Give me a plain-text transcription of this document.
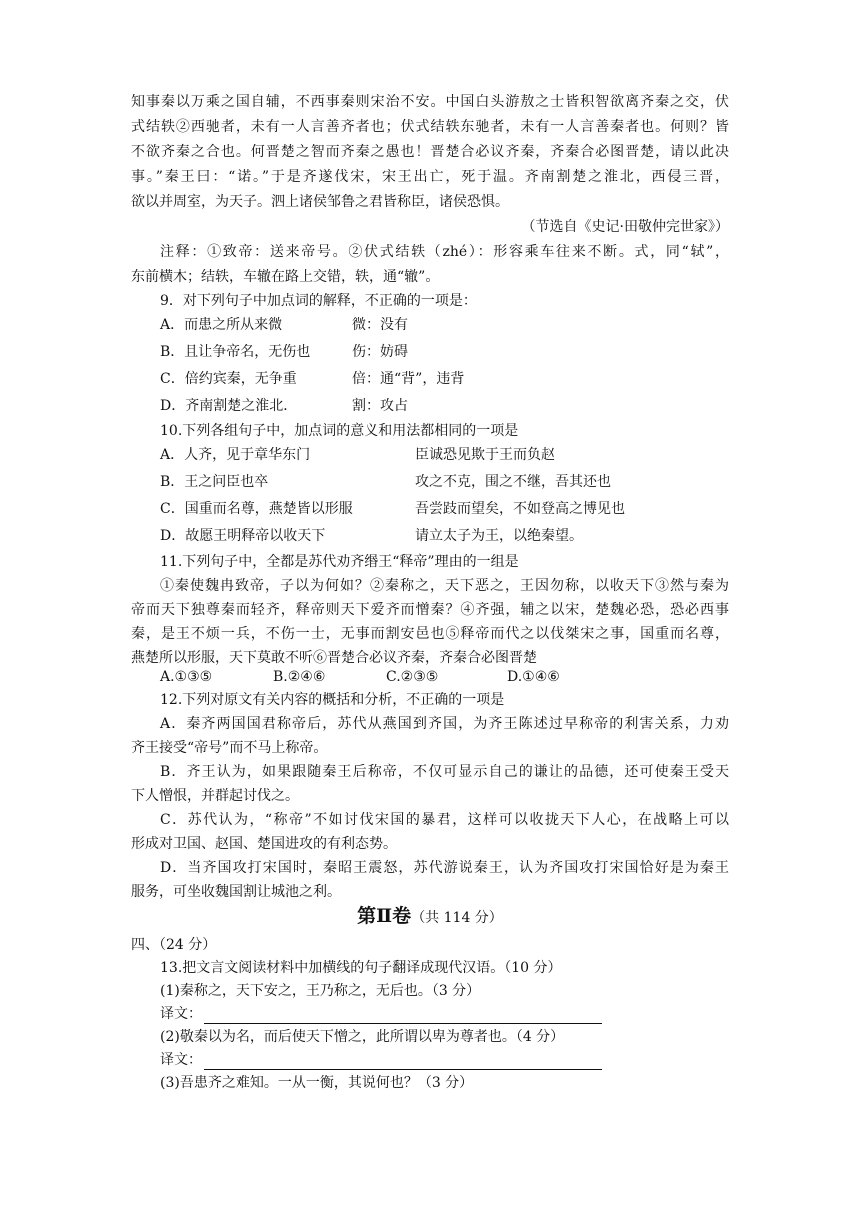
知事秦以万乘之国自辅，不西事秦则宋治不安。中国白头游敖之士皆积智欲离齐秦之交，伏
式结轶②西驰者，未有一人言善齐者也；伏式结轶东驰者，未有一人言善秦者也。何则？皆
不欲齐秦之合也。何晋楚之智而齐秦之愚也！晋楚合必议齐秦，齐秦合必图晋楚，请以此决
事。”秦王曰：“诺。”于是齐遂伐宋，宋王出亡，死于温。齐南割楚之淮北，西侵三晋，
欲以并周室，为天子。泗上诸侯邹鲁之君皆称臣，诸侯恐惧。
（节选自《史记·田敬仲完世家》）
注释：①致帝：送来帝号。②伏式结轶（zhé）：形容乘车往来不断。式，同“轼”，
东前横木；结轶，车辙在路上交错，轶，通“辙”。
9．对下列句子中加点词的解释，不正确的一项是：
A．而患之所从来微	微：没有
B．且让争帝名，无伤也	伤：妨碍
C．倍约宾秦，无争重	倍：通“背”，违背
D．齐南割楚之淮北．	割：攻占
10.下列各组句子中，加点词的意义和用法都相同的一项是
A．人齐，见于章华东门	臣诚恐见欺于王而负赵
B．王之问臣也卒	攻之不克，围之不继，吾其还也
C．国重而名尊，燕楚皆以形服	吾尝跂而望矣，不如登高之博见也
D．故愿王明释帝以收天下	请立太子为王，以绝秦望。
11.下列句子中，全都是苏代劝齐缗王“释帝”理由的一组是
①秦使魏冉致帝，子以为何如？②秦称之，天下恶之，王因勿称，以收天下③然与秦为
帝而天下独尊秦而轻齐，释帝则天下爱齐而憎秦？④齐强，辅之以宋，楚魏必恐，恐必西事
秦，是王不烦一兵，不伤一士，无事而割安邑也⑤释帝而代之以伐桀宋之事，国重而名尊，
燕楚所以形服，天下莫敢不听⑥晋楚合必议齐秦，齐秦合必图晋楚
A.①③⑤	B.②④⑥	C.②③⑤	D.①④⑥
12.下列对原文有关内容的概括和分析，不正确的一项是
A．秦齐两国国君称帝后，苏代从燕国到齐国，为齐王陈述过早称帝的利害关系，力劝
齐王接受“帝号”而不马上称帝。
B．齐王认为，如果跟随秦王后称帝，不仅可显示自己的谦让的品德，还可使秦王受天
下人憎恨，并群起讨伐之。
C．苏代认为，“称帝”不如讨伐宋国的暴君，这样可以收拢天下人心，在战略上可以
形成对卫国、赵国、楚国进攻的有利态势。
D．当齐国攻打宋国时，秦昭王震怒，苏代游说秦王，认为齐国攻打宋国恰好是为秦王
服务，可坐收魏国割让城池之利。
第Ⅱ卷（共 114 分）
四、（24 分）
13.把文言文阅读材料中加横线的句子翻译成现代汉语。（10 分）
(1)秦称之，天下安之，王乃称之，无后也。（3 分）
译文：
(2)敬秦以为名，而后使天下憎之，此所谓以卑为尊者也。（4 分）
译文：
(3)吾患齐之难知。一从一衡，其说何也？（3 分）
